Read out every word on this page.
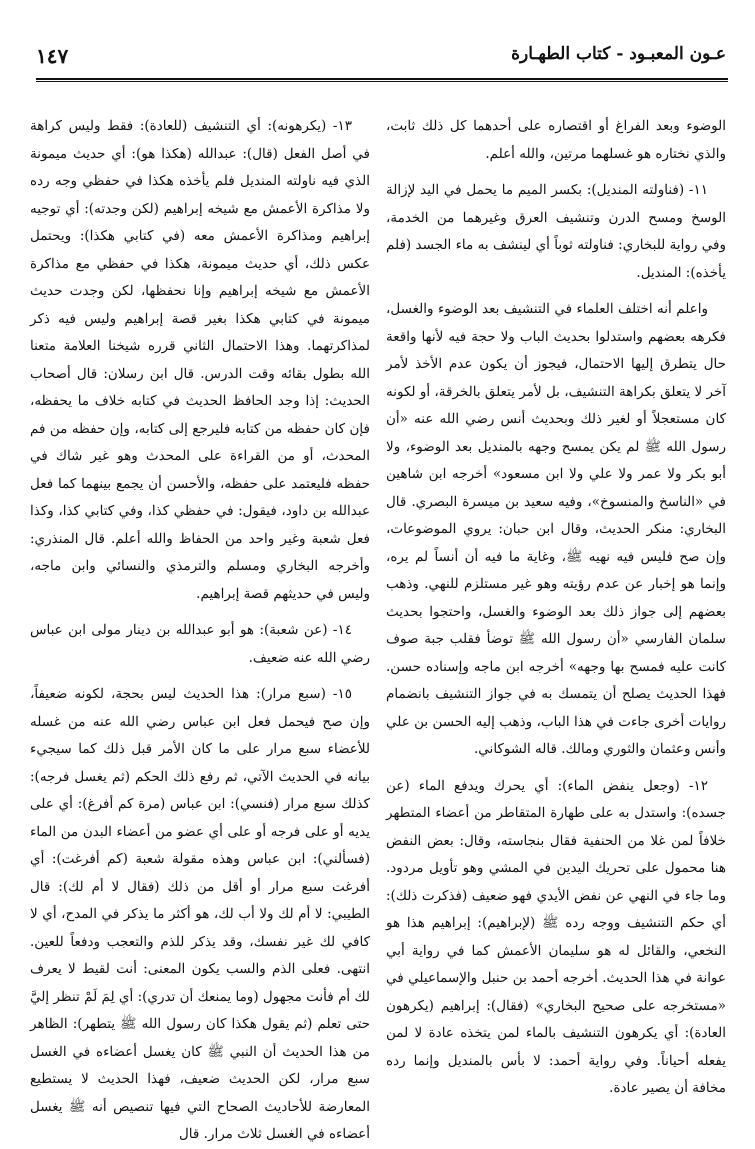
عـون المعبـود - كتاب الطهـارة
١٤٧

الوضوء وبعد الفراغ أو اقتصاره على أحدهما كل ذلك ثابت، والذي نختاره هو غسلهما مرتين، والله أعلم.

١١- (فناولته المنديل): بكسر الميم ما يحمل في اليد لإزالة الوسخ ومسح الدرن وتنشيف العرق وغيرهما من الخدمة، وفي رواية للبخاري: فناولته ثوباً أي لينشف به ماء الجسد (فلم يأخذه): المنديل.

واعلم أنه اختلف العلماء في التنشيف بعد الوضوء والغسل، فكرهه بعضهم واستدلوا بحديث الباب ولا حجة فيه لأنها واقعة حال يتطرق إليها الاحتمال، فيجوز أن يكون عدم الأخذ لأمر آخر لا يتعلق بكراهة التنشيف، بل لأمر يتعلق بالخرقة، أو لكونه كان مستعجلاً أو لغير ذلك وبحديث أنس رضي الله عنه «أن رسول الله ﷺ لم يكن يمسح وجهه بالمنديل بعد الوضوء، ولا أبو بكر ولا عمر ولا علي ولا ابن مسعود» أخرجه ابن شاهين في «الناسخ والمنسوخ»، وفيه سعيد بن ميسرة البصري. قال البخاري: منكر الحديث، وقال ابن حبان: يروي الموضوعات، وإن صح فليس فيه نهيه ﷺ، وغاية ما فيه أن أنساً لم يره، وإنما هو إخبار عن عدم رؤيته وهو غير مستلزم للنهي. وذهب بعضهم إلى جواز ذلك بعد الوضوء والغسل، واحتجوا بحديث سلمان الفارسي «أن رسول الله ﷺ توضأ فقلب جبة صوف كانت عليه فمسح بها وجهه» أخرجه ابن ماجه وإسناده حسن. فهذا الحديث يصلح أن يتمسك به في جواز التنشيف بانضمام روايات أخرى جاءت في هذا الباب، وذهب إليه الحسن بن علي وأنس وعثمان والثوري ومالك. قاله الشوكاني.

١٢- (وجعل ينفض الماء): أي يحرك ويدفع الماء (عن جسده): واستدل به على طهارة المتقاطر من أعضاء المتطهر خلافاً لمن غلا من الحنفية فقال بنجاسته، وقال: بعض النفض هنا محمول على تحريك اليدين في المشي وهو تأويل مردود. وما جاء في النهي عن نفض الأيدي فهو ضعيف (فذكرت ذلك): أي حكم التنشيف ووجه رده ﷺ (لإبراهيم): إبراهيم هذا هو النخعي، والقائل له هو سليمان الأعمش كما في رواية أبي عوانة في هذا الحديث. أخرجه أحمد بن حنبل والإسماعيلي في «مستخرجه على صحيح البخاري» (فقال): إبراهيم (يكرهون العادة): أي يكرهون التنشيف بالماء لمن يتخذه عادة لا لمن يفعله أحياناً. وفي رواية أحمد: لا بأس بالمنديل وإنما رده مخافة أن يصير عادة.

١٣- (يكرهونه): أي التنشيف (للعادة): فقط وليس كراهة في أصل الفعل (قال): عبدالله (هكذا هو): أي حديث ميمونة الذي فيه ناولته المنديل فلم يأخذه هكذا في حفظي وجه رده ولا مذاكرة الأعمش مع شيخه إبراهيم (لكن وجدته): أي توجيه إبراهيم ومذاكرة الأعمش معه (في كتابي هكذا): ويحتمل عكس ذلك، أي حديث ميمونة، هكذا في حفظي مع مذاكرة الأعمش مع شيخه إبراهيم وإنا نحفظها، لكن وجدت حديث ميمونة في كتابي هكذا بغير قصة إبراهيم وليس فيه ذكر لمذاكرتهما. وهذا الاحتمال الثاني قرره شيخنا العلامة متعنا الله بطول بقائه وقت الدرس. قال ابن رسلان: قال أصحاب الحديث: إذا وجد الحافظ الحديث في كتابه خلاف ما يحفظه، فإن كان حفظه من كتابه فليرجع إلى كتابه، وإن حفظه من فم المحدث، أو من القراءة على المحدث وهو غير شاك في حفظه فليعتمد على حفظه، والأحسن أن يجمع بينهما كما فعل عبدالله بن داود، فيقول: في حفظي كذا، وفي كتابي كذا، وكذا فعل شعبة وغير واحد من الحفاظ والله أعلم. قال المنذري: وأخرجه البخاري ومسلم والترمذي والنسائي وابن ماجه، وليس في حديثهم قصة إبراهيم.

١٤- (عن شعبة): هو أبو عبدالله بن دينار مولى ابن عباس رضي الله عنه ضعيف.

١٥- (سبع مرار): هذا الحديث ليس بحجة، لكونه ضعيفاً، وإن صح فيحمل فعل ابن عباس رضي الله عنه من غسله للأعضاء سبع مرار على ما كان الأمر قبل ذلك كما سيجيء بيانه في الحديث الآتي، ثم رفع ذلك الحكم (ثم يغسل فرجه): كذلك سبع مرار (فنسي): ابن عباس (مرة كم أفرغ): أي على يديه أو على فرجه أو على أي عضو من أعضاء البدن من الماء (فسألني): ابن عباس وهذه مقولة شعبة (كم أفرغت): أي أفرغت سبع مرار أو أقل من ذلك (فقال لا أم لك): قال الطيبي: لا أم لك ولا أب لك، هو أكثر ما يذكر في المدح، أي لا كافي لك غير نفسك، وقد يذكر للذم والتعجب ودفعاً للعين. انتهى. فعلى الذم والسب يكون المعنى: أنت لقيط لا يعرف لك أم فأنت مجهول (وما يمنعك أن تدري): أي لِمَ لَمْ تنظر إليَّ حتى تعلم (ثم يقول هكذا كان رسول الله ﷺ يتطهر): الظاهر من هذا الحديث أن النبي ﷺ كان يغسل أعضاءه في الغسل سبع مرار، لكن الحديث ضعيف، فهذا الحديث لا يستطيع المعارضة للأحاديث الصحاح التي فيها تنصيص أنه ﷺ يغسل أعضاءه في الغسل ثلاث مرار. قال
